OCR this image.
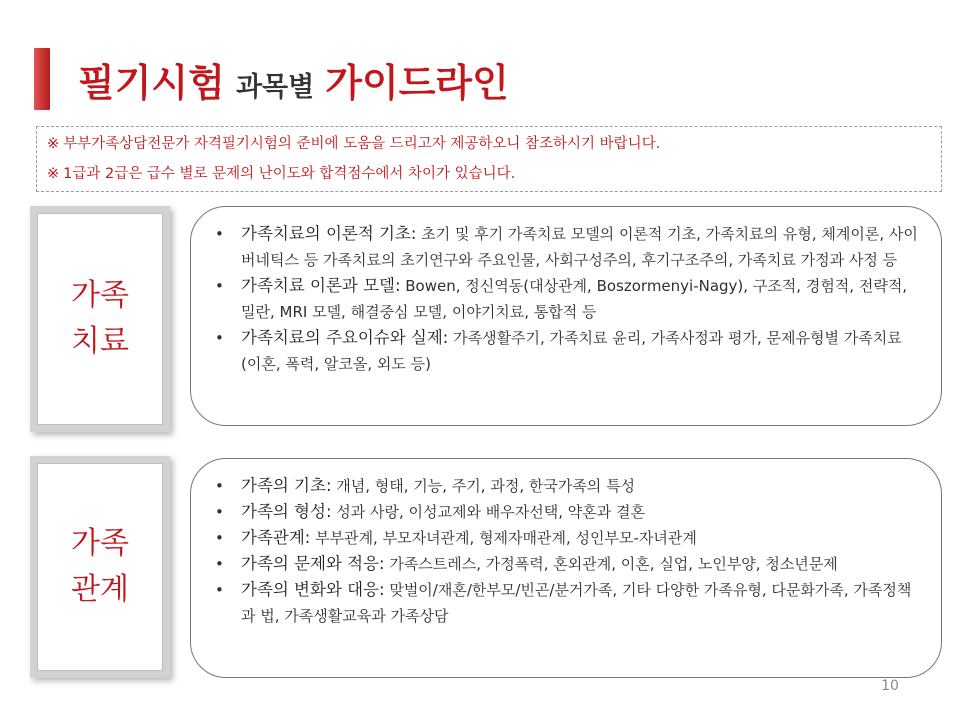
필기시험 과목별 가이드라인
※ 부부가족상담전문가 자격필기시험의 준비에 도움을 드리고자 제공하오니 참조하시기 바랍니다.
※ 1급과 2급은 급수 별로 문제의 난이도와 합격점수에서 차이가 있습니다.
가족치료
• 가족치료의 이론적 기초: 초기 및 후기 가족치료 모델의 이론적 기초, 가족치료의 유형, 체계이론, 사이버네틱스 등 가족치료의 초기연구와 주요인물, 사회구성주의, 후기구조주의, 가족치료 가정과 사정 등
• 가족치료 이론과 모델: Bowen, 정신역동(대상관계, Boszormenyi-Nagy), 구조적, 경험적, 전략적, 밀란, MRI 모델, 해결중심 모델, 이야기치료, 통합적 등
• 가족치료의 주요이슈와 실제: 가족생활주기, 가족치료 윤리, 가족사정과 평가, 문제유형별 가족치료 (이혼, 폭력, 알코올, 외도 등)
가족관계
• 가족의 기초: 개념, 형태, 기능, 주기, 과정, 한국가족의 특성
• 가족의 형성: 성과 사랑, 이성교제와 배우자선택, 약혼과 결혼
• 가족관계: 부부관계, 부모자녀관계, 형제자매관계, 성인부모-자녀관계
• 가족의 문제와 적응: 가족스트레스, 가정폭력, 혼외관계, 이혼, 실업, 노인부양, 청소년문제
• 가족의 변화와 대응: 맞벌이/재혼/한부모/빈곤/분거가족, 기타 다양한 가족유형, 다문화가족, 가족정책과 법, 가족생활교육과 가족상담
10
